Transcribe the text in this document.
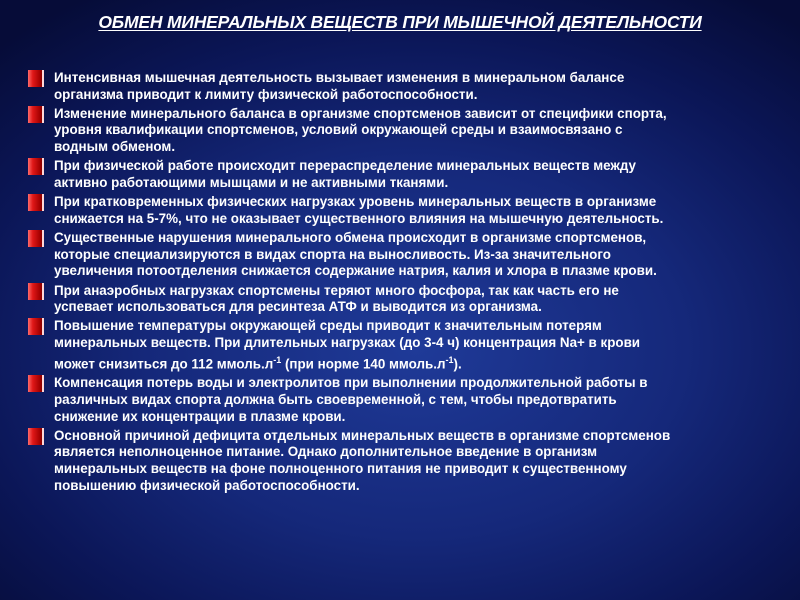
ОБМЕН МИНЕРАЛЬНЫХ ВЕЩЕСТВ ПРИ МЫШЕЧНОЙ ДЕЯТЕЛЬНОСТИ
Интенсивная мышечная деятельность вызывает изменения в минеральном балансе
организма приводит к лимиту физической работоспособности.
Изменение минерального баланса в организме спортсменов зависит от специфики спорта,
уровня квалификации спортсменов, условий окружающей среды и взаимосвязано с
водным обменом.
При физической работе происходит перераспределение минеральных веществ между
активно работающими мышцами и не активными тканями.
При кратковременных физических нагрузках уровень минеральных веществ в организме
снижается на 5-7%, что не оказывает существенного влияния на мышечную деятельность.
Существенные нарушения минерального обмена происходит в организме спортсменов,
которые специализируются в видах спорта на выносливость. Из-за значительного
увеличения потоотделения снижается содержание натрия, калия и хлора в плазме крови.
При анаэробных нагрузках спортсмены теряют много фосфора, так как часть его не
успевает использоваться для ресинтеза АТФ и выводится из организма.
Повышение температуры окружающей среды приводит к значительным потерям
минеральных веществ. При длительных нагрузках (до 3-4 ч) концентрация Na+ в крови
может снизиться до 112 $ммоль.л^{-1}$ (при норме 140 $ммоль.л^{-1}$).
Компенсация потерь воды и электролитов при выполнении продолжительной работы в
различных видах спорта должна быть своевременной, с тем, чтобы предотвратить
снижение их концентрации в плазме крови.
Основной причиной дефицита отдельных минеральных веществ в организме спортсменов
является неполноценное питание. Однако дополнительное введение в организм
минеральных веществ на фоне полноценного питания не приводит к существенному
повышению физической работоспособности.
